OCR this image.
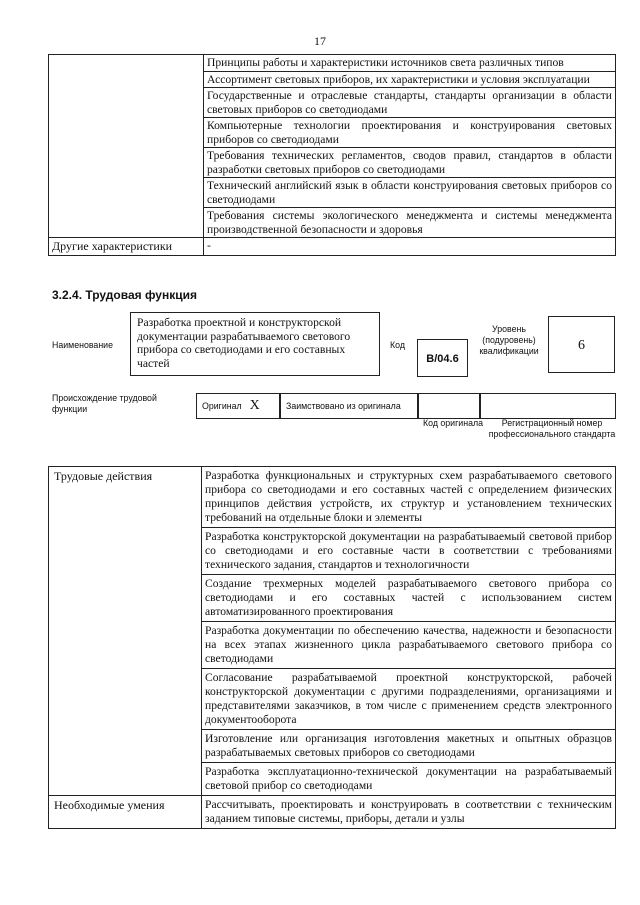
17
	Принципы работы и характеристики источников света различных типов
	Ассортимент световых приборов, их характеристики и условия эксплуатации
	Государственные и отраслевые стандарты, стандарты организации в области световых приборов со светодиодами
	Компьютерные технологии проектирования и конструирования световых приборов со светодиодами
	Требования технических регламентов, сводов правил, стандартов в области разработки световых приборов со светодиодами
	Технический английский язык в области конструирования световых приборов со светодиодами
	Требования системы экологического менеджмента и системы менеджмента производственной безопасности и здоровья
Другие характеристики	-
3.2.4. Трудовая функция
Наименование
Разработка проектной и конструкторской документации разрабатываемого светового прибора со светодиодами и его составных частей
Код
В/04.6
Уровень (подуровень) квалификации	6
Происхождение трудовой функции	Оригинал X	Заимствовано из оригинала
Код оригинала	Регистрационный номер профессионального стандарта
Трудовые действия	Разработка функциональных и структурных схем разрабатываемого светового прибора со светодиодами и его составных частей с определением физических принципов действия устройств, их структур и установлением технических требований на отдельные блоки и элементы
	Разработка конструкторской документации на разрабатываемый световой прибор со светодиодами и его составные части в соответствии с требованиями технического задания, стандартов и технологичности
	Создание трехмерных моделей разрабатываемого светового прибора со светодиодами и его составных частей с использованием систем автоматизированного проектирования
	Разработка документации по обеспечению качества, надежности и безопасности на всех этапах жизненного цикла разрабатываемого светового прибора со светодиодами
	Согласование разрабатываемой проектной конструкторской, рабочей конструкторской документации с другими подразделениями, организациями и представителями заказчиков, в том числе с применением средств электронного документооборота
	Изготовление или организация изготовления макетных и опытных образцов разрабатываемых световых приборов со светодиодами
	Разработка эксплуатационно-технической документации на разрабатываемый световой прибор со светодиодами
Необходимые умения	Рассчитывать, проектировать и конструировать в соответствии с техническим заданием типовые системы, приборы, детали и узлы
